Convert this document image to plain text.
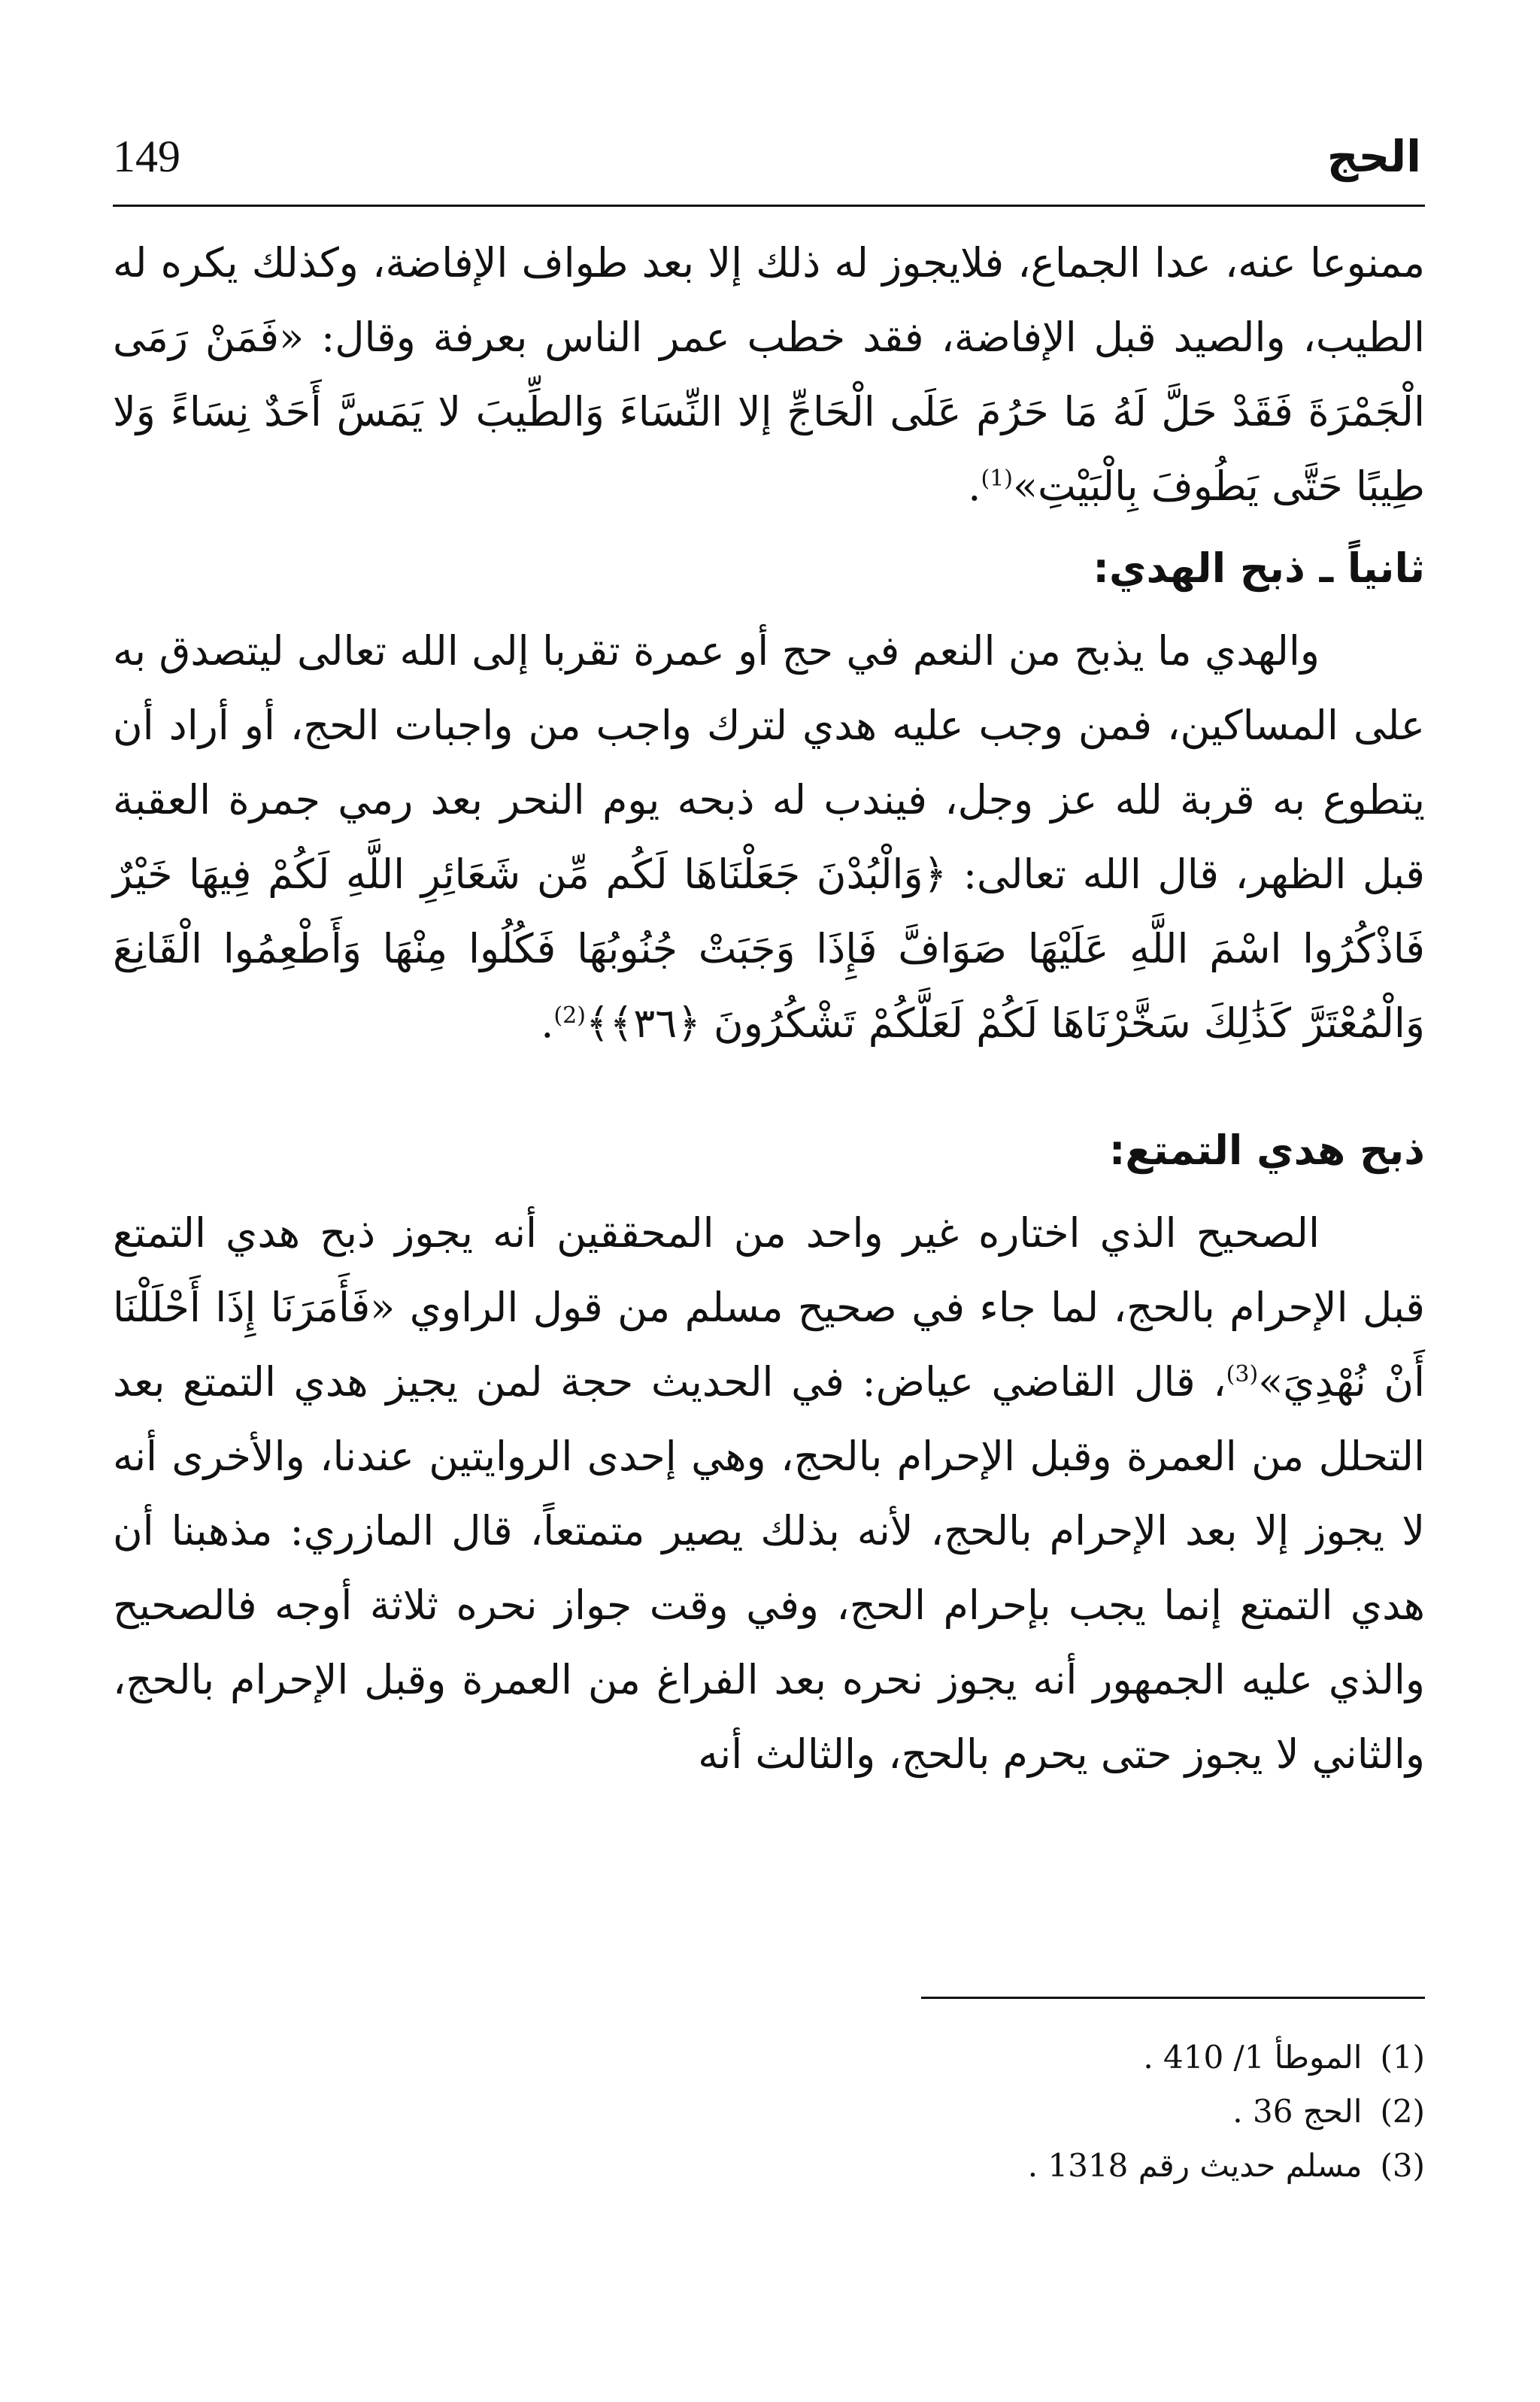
149	الحج

ممنوعا عنه، عدا الجماع، فلايجوز له ذلك إلا بعد طواف الإفاضة، وكذلك يكره له الطيب، والصيد قبل الإفاضة، فقد خطب عمر الناس بعرفة وقال: «فَمَنْ رَمَى الْجَمْرَةَ فَقَدْ حَلَّ لَهُ مَا حَرُمَ عَلَى الْحَاجِّ إلا النِّسَاءَ وَالطِّيبَ لا يَمَسَّ أَحَدٌ نِسَاءً وَلا طِيبًا حَتَّى يَطُوفَ بِالْبَيْتِ»$^{(1)}$.

ثانياً ـ ذبح الهدي:

والهدي ما يذبح من النعم في حج أو عمرة تقربا إلى الله تعالى ليتصدق به على المساكين، فمن وجب عليه هدي لترك واجب من واجبات الحج، أو أراد أن يتطوع به قربة لله عز وجل، فيندب له ذبحه يوم النحر بعد رمي جمرة العقبة قبل الظهر، قال الله تعالى: ﴿وَالْبُدْنَ جَعَلْنَاهَا لَكُم مِّن شَعَائِرِ اللَّهِ لَكُمْ فِيهَا خَيْرٌ فَاذْكُرُوا اسْمَ اللَّهِ عَلَيْهَا صَوَافَّ فَإِذَا وَجَبَتْ جُنُوبُهَا فَكُلُوا مِنْهَا وَأَطْعِمُوا الْقَانِعَ وَالْمُعْتَرَّ كَذَٰلِكَ سَخَّرْنَاهَا لَكُمْ لَعَلَّكُمْ تَشْكُرُونَ ﴿٣٦﴾﴾$^{(2)}$.

ذبح هدي التمتع:

الصحيح الذي اختاره غير واحد من المحققين أنه يجوز ذبح هدي التمتع قبل الإحرام بالحج، لما جاء في صحيح مسلم من قول الراوي «فَأَمَرَنَا إِذَا أَحْلَلْنَا أَنْ نُهْدِيَ»$^{(3)}$، قال القاضي عياض: في الحديث حجة لمن يجيز هدي التمتع بعد التحلل من العمرة وقبل الإحرام بالحج، وهي إحدى الروايتين عندنا، والأخرى أنه لا يجوز إلا بعد الإحرام بالحج، لأنه بذلك يصير متمتعاً، قال المازري: مذهبنا أن هدي التمتع إنما يجب بإحرام الحج، وفي وقت جواز نحره ثلاثة أوجه فالصحيح والذي عليه الجمهور أنه يجوز نحره بعد الفراغ من العمرة وقبل الإحرام بالحج، والثاني لا يجوز حتى يحرم بالحج، والثالث أنه

(1)الموطأ 1/ 410 .

(2)الحج 36 .

(3)مسلم حديث رقم 1318 .
